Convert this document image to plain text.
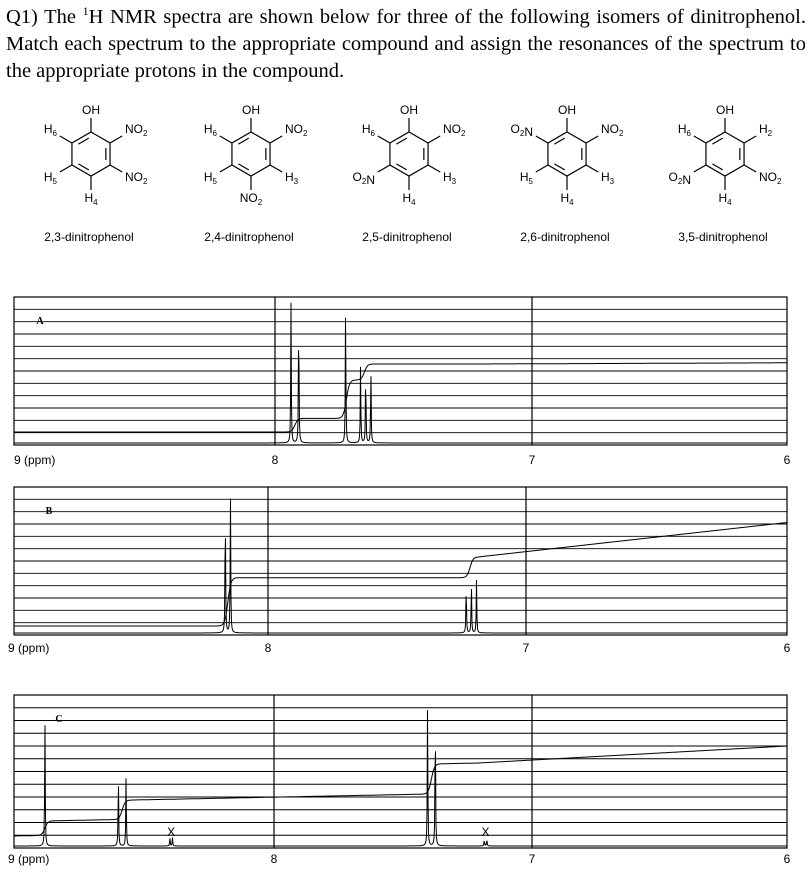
Q1) The $^1$H NMR spectra are shown below for three of the following isomers of dinitrophenol. Match each spectrum to the appropriate compound and assign the resonances of the spectrum to the appropriate protons in the compound.
OH
$NO_2$
$NO_2$
$H_6$
$H_5$
$H_4$
2,3-dinitrophenol
OH
$NO_2$
$H_3$
$H_6$
$H_5$
$NO_2$
2,4-dinitrophenol
OH
$NO_2$
$H_3$
$H_6$
$O_2N$
$H_4$
2,5-dinitrophenol
OH
$NO_2$
$H_3$
$O_2N$
$H_5$
$H_4$
2,6-dinitrophenol
OH
$H_2$
$NO_2$
$H_6$
$O_2N$
$H_4$
3,5-dinitrophenol
A
9 (ppm)	8	7	6
B
9 (ppm)	8	7	6
C
9 (ppm)	8	7	6
X	X
